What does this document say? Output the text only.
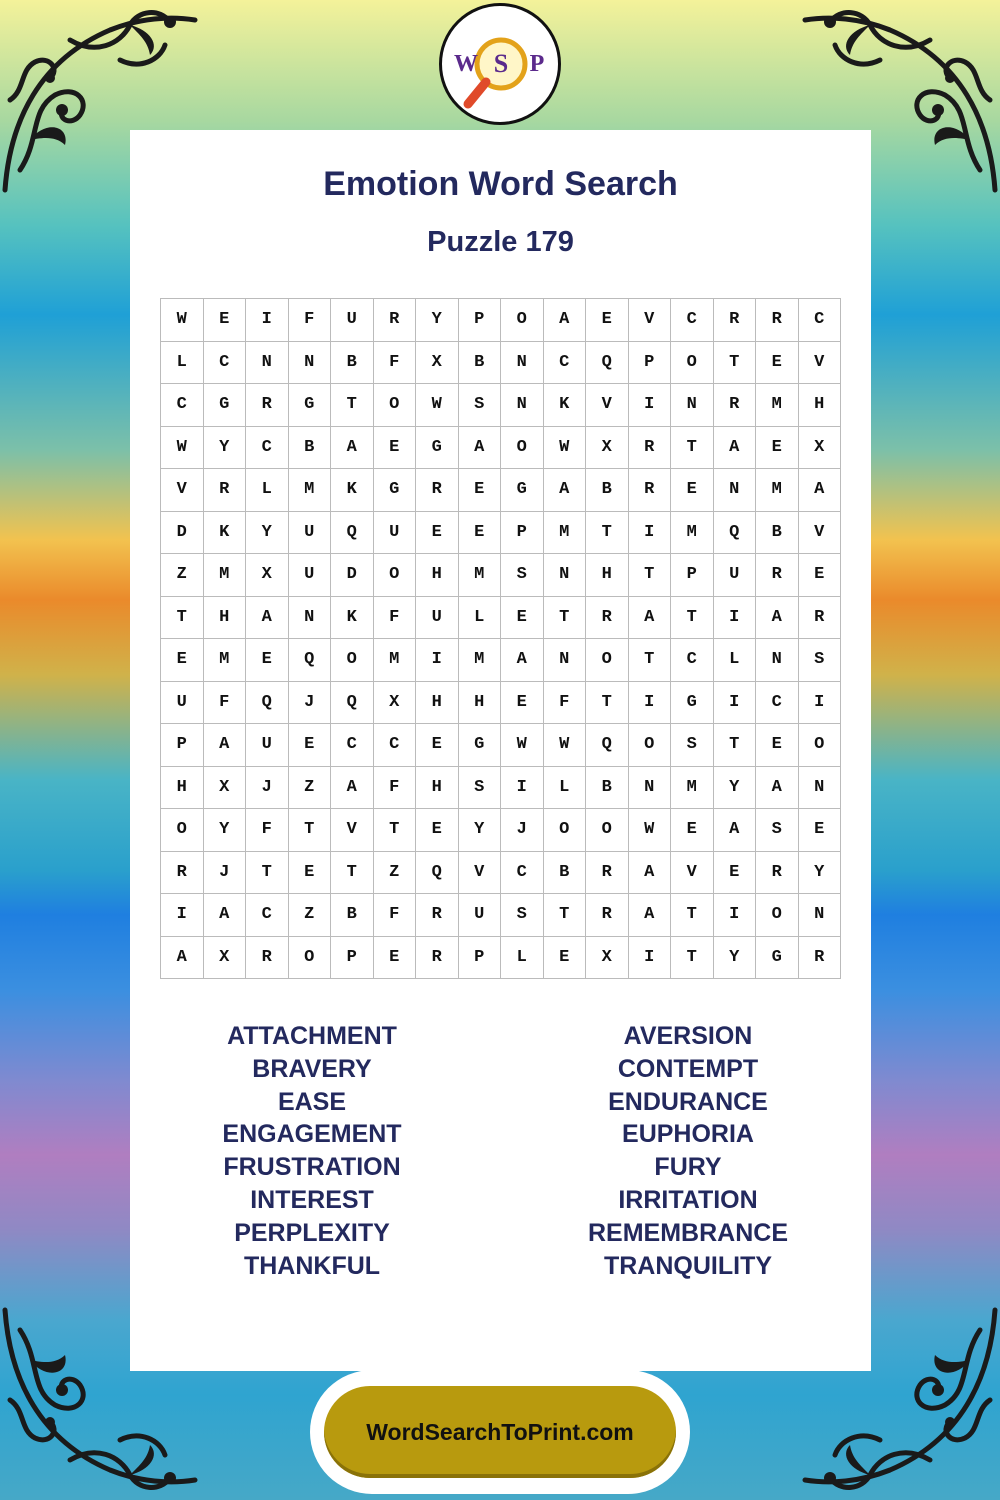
W S P
Emotion Word Search
Puzzle 179
W	E	I	F	U	R	Y	P	O	A	E	V	C	R	R	C
L	C	N	N	B	F	X	B	N	C	Q	P	O	T	E	V
C	G	R	G	T	O	W	S	N	K	V	I	N	R	M	H
W	Y	C	B	A	E	G	A	O	W	X	R	T	A	E	X
V	R	L	M	K	G	R	E	G	A	B	R	E	N	M	A
D	K	Y	U	Q	U	E	E	P	M	T	I	M	Q	B	V
Z	M	X	U	D	O	H	M	S	N	H	T	P	U	R	E
T	H	A	N	K	F	U	L	E	T	R	A	T	I	A	R
E	M	E	Q	O	M	I	M	A	N	O	T	C	L	N	S
U	F	Q	J	Q	X	H	H	E	F	T	I	G	I	C	I
P	A	U	E	C	C	E	G	W	W	Q	O	S	T	E	O
H	X	J	Z	A	F	H	S	I	L	B	N	M	Y	A	N
O	Y	F	T	V	T	E	Y	J	O	O	W	E	A	S	E
R	J	T	E	T	Z	Q	V	C	B	R	A	V	E	R	Y
I	A	C	Z	B	F	R	U	S	T	R	A	T	I	O	N
A	X	R	O	P	E	R	P	L	E	X	I	T	Y	G	R
ATTACHMENT
BRAVERY
EASE
ENGAGEMENT
FRUSTRATION
INTEREST
PERPLEXITY
THANKFUL
AVERSION
CONTEMPT
ENDURANCE
EUPHORIA
FURY
IRRITATION
REMEMBRANCE
TRANQUILITY
WordSearchToPrint.com
